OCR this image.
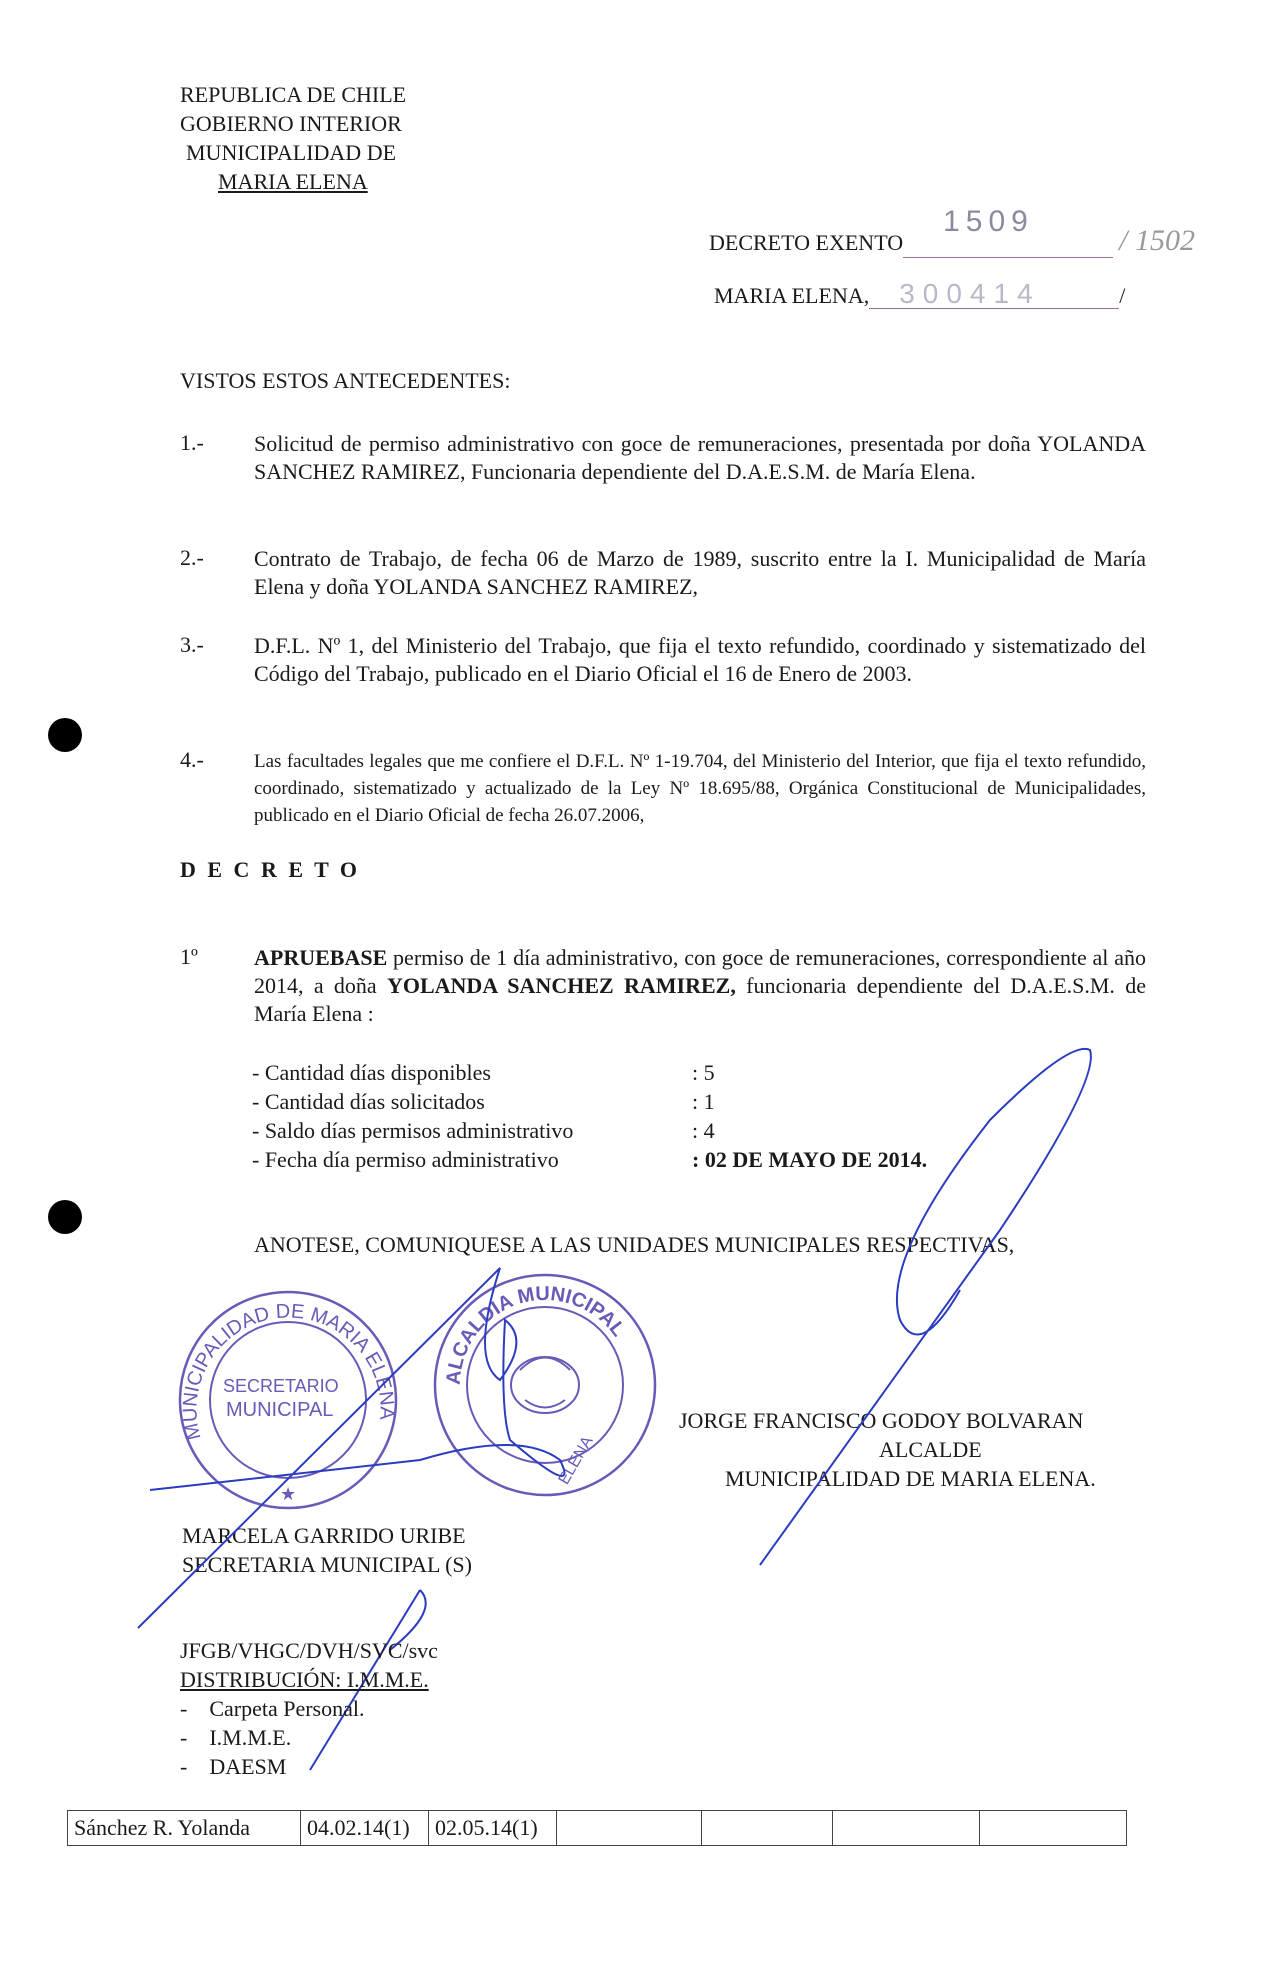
REPUBLICA DE CHILE
GOBIERNO INTERIOR
MUNICIPALIDAD DE
MARIA ELENA
DECRETO EXENTO
1509
/ 1502
MARIA ELENA, 300414	/
VISTOS ESTOS ANTECEDENTES:
1.- Solicitud de permiso administrativo con goce de remuneraciones, presentada por doña YOLANDA SANCHEZ RAMIREZ, Funcionaria dependiente del D.A.E.S.M. de María Elena.
2.- Contrato de Trabajo, de fecha 06 de Marzo de 1989, suscrito entre la I. Municipalidad de María Elena y doña YOLANDA SANCHEZ RAMIREZ,
3.- D.F.L. Nº 1, del Ministerio del Trabajo, que fija el texto refundido, coordinado y sistematizado del Código del Trabajo, publicado en el Diario Oficial el 16 de Enero de 2003.
4.-	Las facultades legales que me confiere el D.F.L. Nº 1-19.704, del Ministerio del Interior, que fija el texto refundido, coordinado, sistematizado y actualizado de la Ley Nº 18.695/88, Orgánica Constitucional de Municipalidades, publicado en el Diario Oficial de fecha 26.07.2006,
D E C R E T O
1º	APRUEBASE permiso de 1 día administrativo, con goce de remuneraciones, correspondiente al año 2014, a doña YOLANDA SANCHEZ RAMIREZ, funcionaria dependiente del D.A.E.S.M. de María Elena :
- Cantidad días disponibles	: 5
- Cantidad días solicitados	: 1
- Saldo días permisos administrativo	: 4
- Fecha día permiso administrativo	: 02 DE MAYO DE 2014.
ANOTESE, COMUNIQUESE A LAS UNIDADES MUNICIPALES RESPECTIVAS,
ALCALDIA MUNICIPAL
ELENA
JORGE FRANCISCO GODOY BOLVARAN
ALCALDE
MUNICIPALIDAD DE MARIA ELENA.
MUNICIPALIDAD DE MARIA ELENA
SECRETARIO
MUNICIPAL
★
MARCELA GARRIDO URIBE
SECRETARIA MUNICIPAL (S)
JFGB/VHGC/DVH/SVC/svc
DISTRIBUCIÓN: I.M.M.E.
-    Carpeta Personal.
-    I.M.M.E.
-    DAESM
Sánchez R. Yolanda	04.02.14(1)	02.05.14(1)				
